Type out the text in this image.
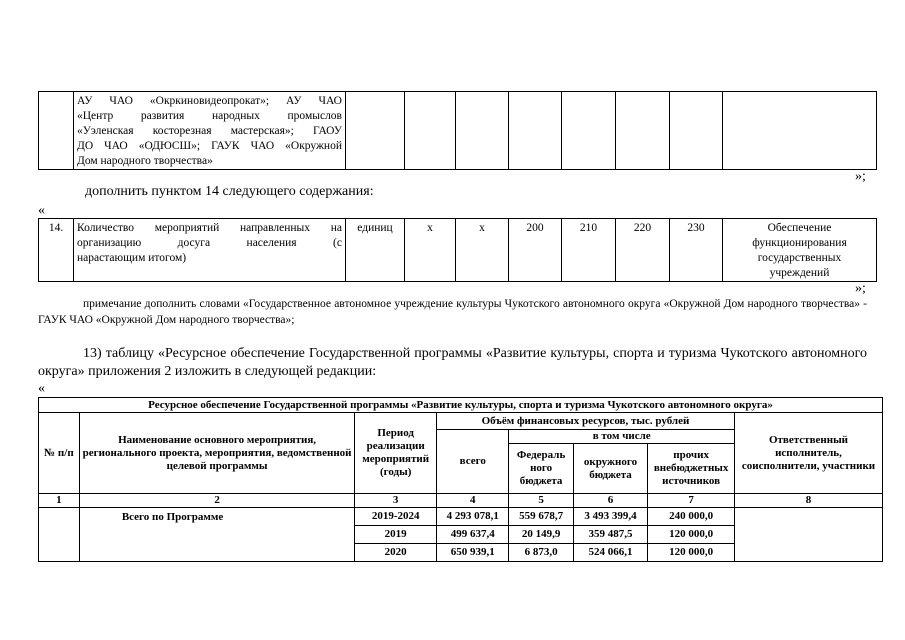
АУ ЧАО «Окркиновидеопрокат»; АУ ЧАО
«Центр развития народных промыслов
«Уэленская косторезная мастерская»; ГАОУ
ДО ЧАО «ОДЮСШ»; ГАУК ЧАО «Окружной
Дом народного творчества»

»;
дополнить пунктом 14 следующего содержания:
«
14.	Количество мероприятий направленных на
организацию досуга населения (с
нарастающим итогом)
	единиц	х	х	200	210	220	230	Обеспечение функционирования государственных учреждений
»;
примечание дополнить словами «Государственное автономное учреждение культуры Чукотского автономного округа «Окружной Дом народного творчества» - ГАУК ЧАО «Окружной Дом народного творчества»;
13) таблицу «Ресурсное обеспечение Государственной программы «Развитие культуры, спорта и туризма Чукотского автономного округа» приложения 2 изложить в следующей редакции:
«
Ресурсное обеспечение Государственной программы «Развитие культуры, спорта и туризма Чукотского автономного округа»							
№ п/п	Наименование основного мероприятия, регионального проекта, мероприятия, ведомственной целевой программы	Период реализации мероприятий (годы)	Объём финансовых ресурсов, тыс. рублей				Ответственный исполнитель, соисполнители, участники
			всего	в том числе			
				Федераль ного бюджета	окружного бюджета	прочих внебюджетных источников	
1	2	3	4	5	6	7	8
	Всего по Программе	2019-2024	4 293 078,1	559 678,7	3 493 399,4	240 000,0	
		2019	499 637,4	20 149,9	359 487,5	120 000,0	
		2020	650 939,1	6 873,0	524 066,1	120 000,0	
